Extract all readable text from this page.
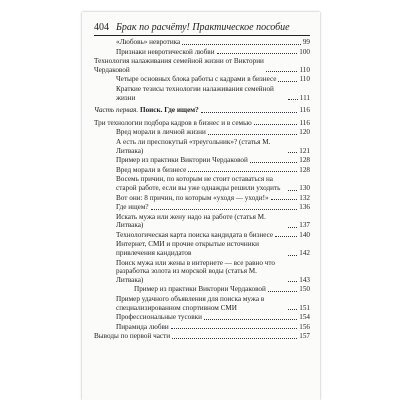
404 Брак по расчёту! Практическое пособие
«Любовь» невротика	99
Признаки невротической любви	100
Технология налаживания семейной жизни от Виктории Чердаковой	110
Четыре основных блока работы с кадрами в бизнесе	110
Краткие тезисы технологии налаживания семейной жизни	111
Часть первая. Поиск. Где ищем?	116
Три технологии подбора кадров в бизнес и в семью	116
Вред морали в личной жизни	120
А есть ли преспокутый «треугольник»? (статья М. Литвака)	121
Пример из практики Виктории Чердаковой	128
Вред морали в бизнесе	128
Восемь причин, по которым не стоит оставаться на старой работе, если вы уже однажды решили уходить	130
Вот они: 8 причин, по которым «уходя — уходи!»	132
Где ищем?	136
Искать мужа или жену надо на работе (статья М. Литвака)	137
Технологическая карта поиска кандидата в бизнесе	140
Интернет, СМИ и прочие открытые источники привлечения кандидатов	142
Поиск мужа или жены в интернете — все равно что разработка золота из морской воды (статья М. Литвака)	143
Пример из практики Виктории Чердаковой	150
Пример удачного объявления для поиска мужа в специализированном спортивном СМИ	151
Профессиональные тусовки	154
Пирамида любви	156
Выводы по первой части	157
